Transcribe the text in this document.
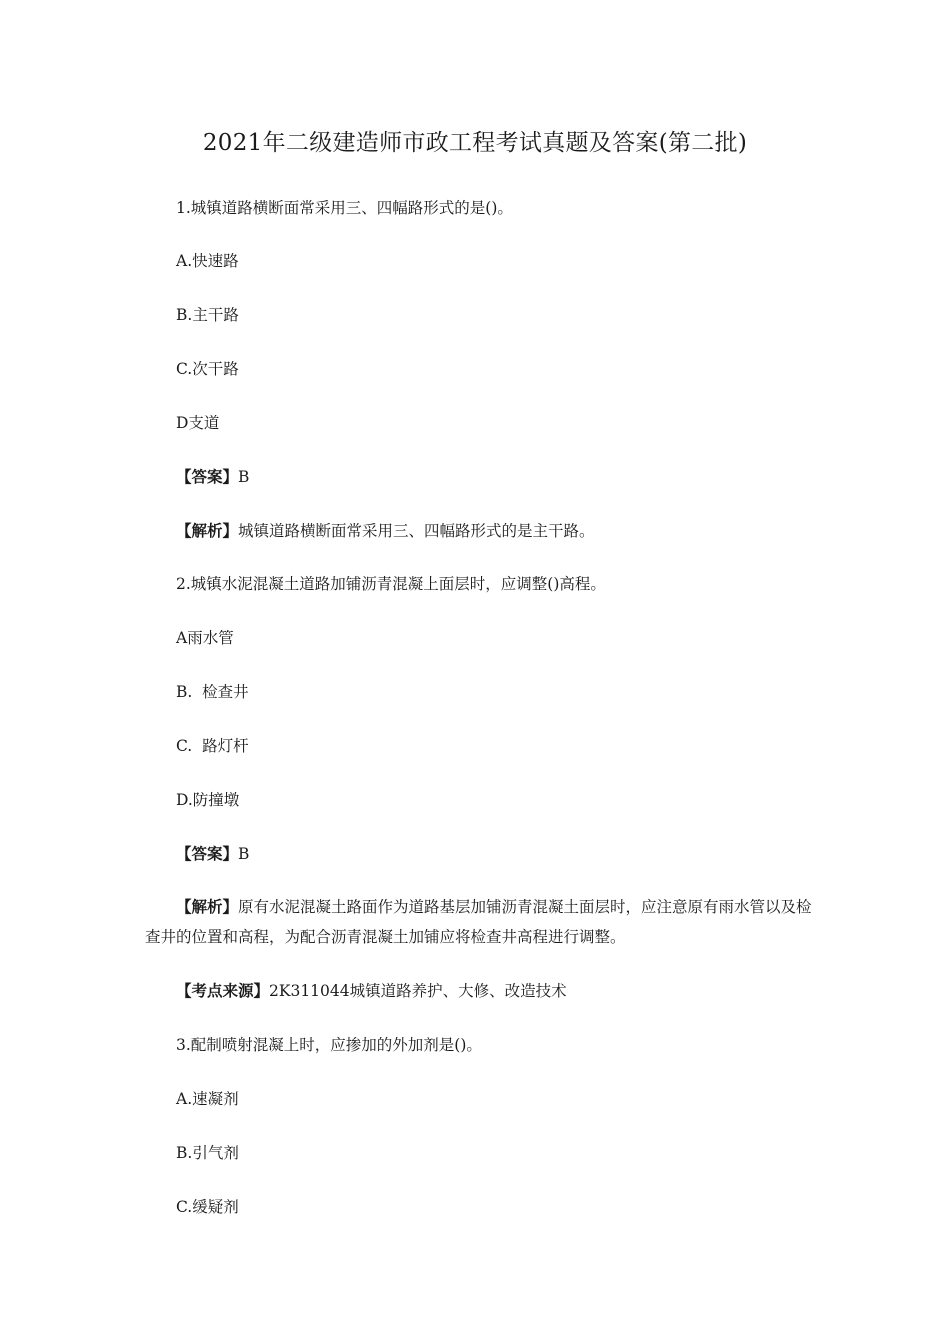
2021年二级建造师市政工程考试真题及答案(第二批)
1.城镇道路横断面常采用三、四幅路形式的是()。
A.快速路
B.主干路
C.次干路
D支道
【答案】B
【解析】城镇道路横断面常采用三、四幅路形式的是主干路。
2.城镇水泥混凝土道路加铺沥青混凝上面层时，应调整()高程。
A雨水管
B.  检查井
C.  路灯杆
D.防撞墩
【答案】B
【解析】原有水泥混凝土路面作为道路基层加铺沥青混凝土面层时，应注意原有雨水管以及检查井的位置和高程，为配合沥青混凝土加铺应将检查井高程进行调整。
【考点来源】2K311044城镇道路养护、大修、改造技术
3.配制喷射混凝上时，应掺加的外加剂是()。
A.速凝剂
B.引气剂
C.缓疑剂
